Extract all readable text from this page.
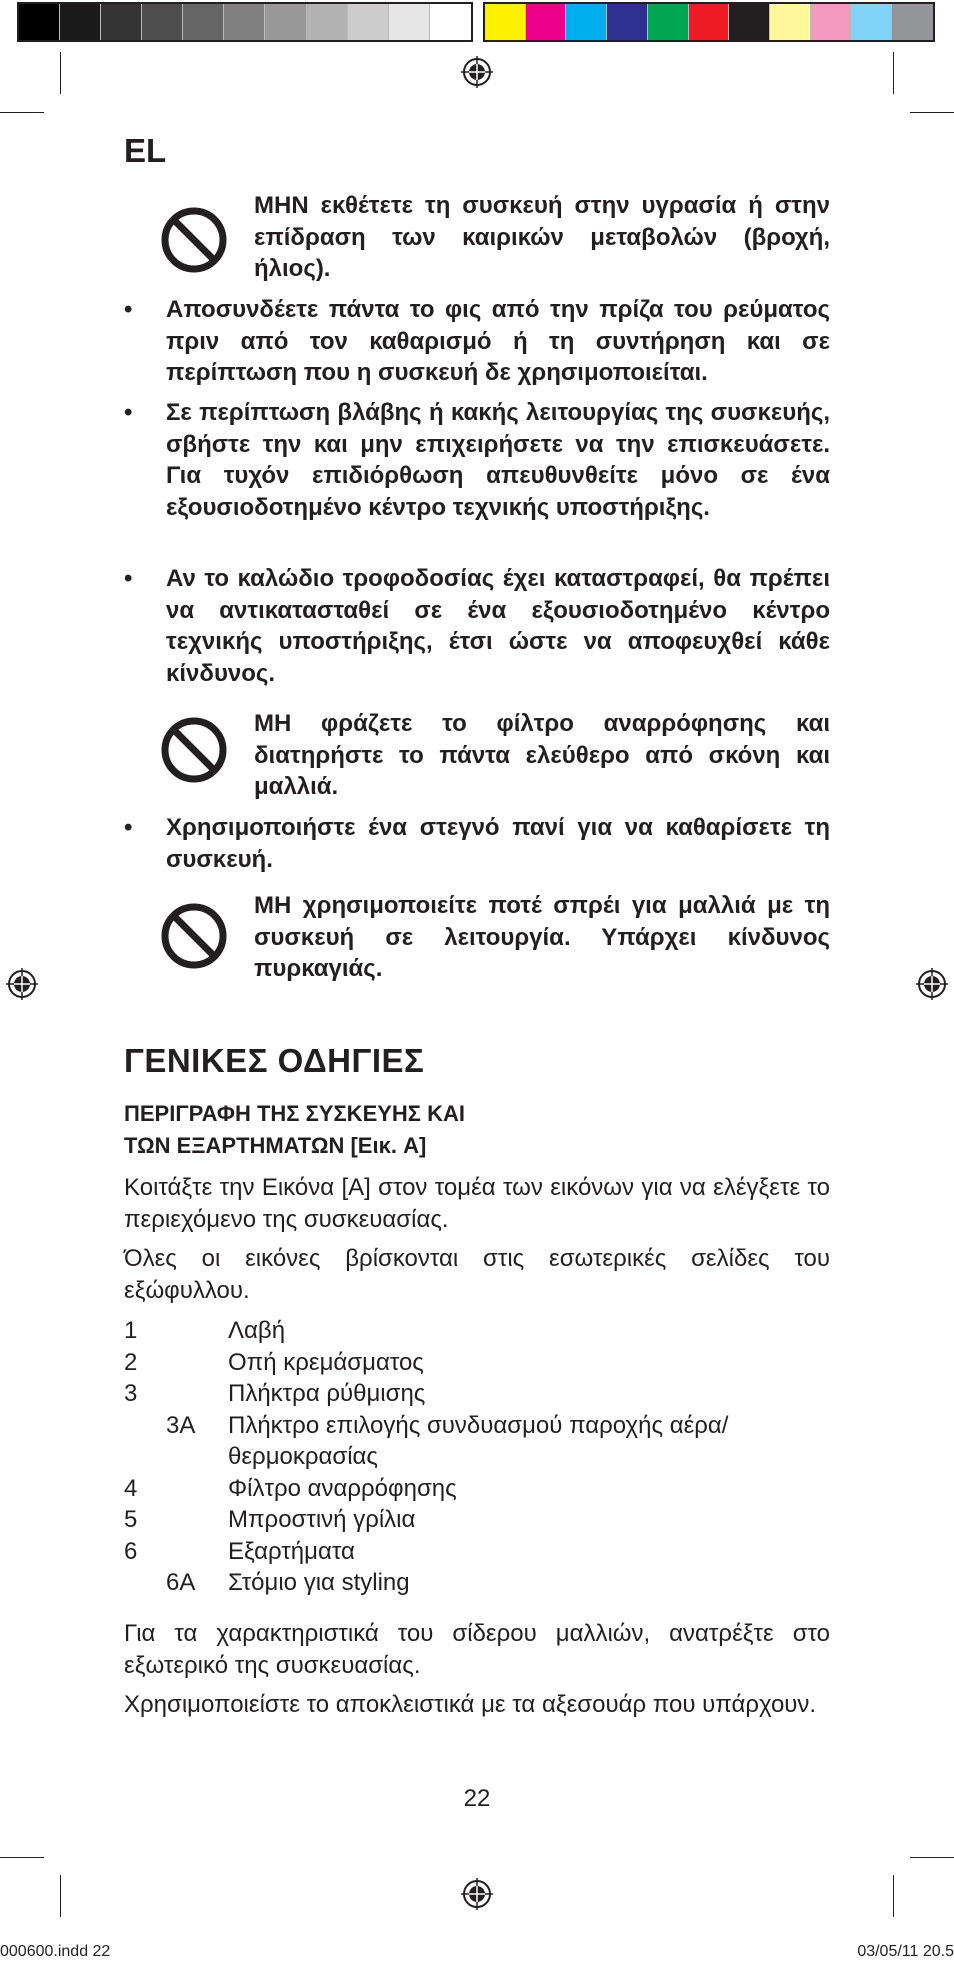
EL
ΜΗΝ εκθέτετε τη συσκευή στην υγρασία ή στην επίδραση των καιρικών μεταβολών (βροχή, ήλιος).
• Αποσυνδέετε πάντα το φις από την πρίζα του ρεύματος πριν από τον καθαρισμό ή τη συντήρηση και σε περίπτωση που η συσκευή δε χρησιμοποιείται.
• Σε περίπτωση βλάβης ή κακής λειτουργίας της συσκευής, σβήστε την και μην επιχειρήσετε να την επισκευάσετε. Για τυχόν επιδιόρθωση απευθυνθείτε μόνο σε ένα εξουσιοδοτημένο κέντρο τεχνικής υποστήριξης.
• Αν το καλώδιο τροφοδοσίας έχει καταστραφεί, θα πρέπει να αντικατασταθεί σε ένα εξουσιοδοτημένο κέντρο τεχνικής υποστήριξης, έτσι ώστε να αποφευχθεί κάθε κίνδυνος.
ΜΗ φράζετε το φίλτρο αναρρόφησης και διατηρήστε το πάντα ελεύθερο από σκόνη και μαλλιά.
• Χρησιμοποιήστε ένα στεγνό πανί για να καθαρίσετε τη συσκευή.
ΜΗ χρησιμοποιείτε ποτέ σπρέι για μαλλιά με τη συσκευή σε λειτουργία. Υπάρχει κίνδυνος πυρκαγιάς.
ΓΕΝΙΚΕΣ ΟΔΗΓΙΕΣ
ΠΕΡΙΓΡΑΦΗ ΤΗΣ ΣΥΣΚΕΥΗΣ ΚΑΙ
ΤΩΝ ΕΞΑΡΤΗΜΑΤΩΝ [Εικ. A]
Κοιτάξτε την Εικόνα [A] στον τομέα των εικόνων για να ελέγξετε το περιεχόμενο της συσκευασίας.
Όλες οι εικόνες βρίσκονται στις εσωτερικές σελίδες του εξώφυλλου.
1	Λαβή
2	Οπή κρεμάσματος
3	Πλήκτρα ρύθμισης
3A	Πλήκτρο επιλογής συνδυασμού παροχής αέρα/θερμοκρασίας
4	Φίλτρο αναρρόφησης
5	Μπροστινή γρίλια
6	Εξαρτήματα
6A	Στόμιο για styling
Για τα χαρακτηριστικά του σίδερου μαλλιών, ανατρέξτε στο εξωτερικό της συσκευασίας.
Χρησιμοποιείστε το αποκλειστικά με τα αξεσουάρ που υπάρχουν.
22
000600.indd 22	03/05/11 20.5
